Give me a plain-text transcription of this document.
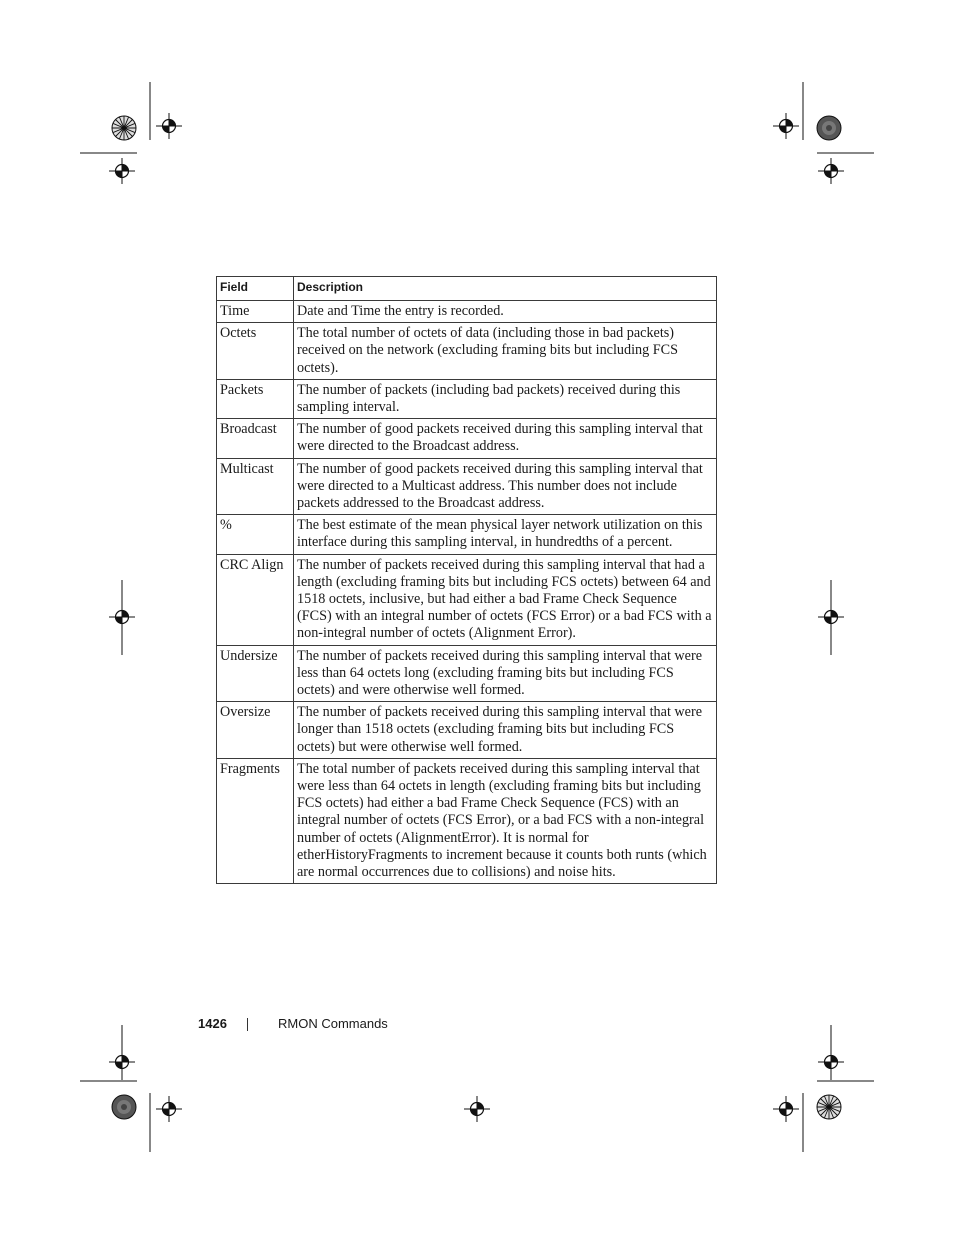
Field	Description
Time	Date and Time the entry is recorded.
Octets	The total number of octets of data (including those in bad packets) received on the network (excluding framing bits but including FCS octets).
Packets	The number of packets (including bad packets) received during this sampling interval.
Broadcast	The number of good packets received during this sampling interval that were directed to the Broadcast address.
Multicast	The number of good packets received during this sampling interval that were directed to a Multicast address. This number does not include packets addressed to the Broadcast address.
%	The best estimate of the mean physical layer network utilization on this interface during this sampling interval, in hundredths of a percent.
CRC Align	The number of packets received during this sampling interval that had a length (excluding framing bits but including FCS octets) between 64 and 1518 octets, inclusive, but had either a bad Frame Check Sequence (FCS) with an integral number of octets (FCS Error) or a bad FCS with a non-integral number of octets (Alignment Error).
Undersize	The number of packets received during this sampling interval that were less than 64 octets long (excluding framing bits but including FCS octets) and were otherwise well formed.
Oversize	The number of packets received during this sampling interval that were longer than 1518 octets (excluding framing bits but including FCS octets) but were otherwise well formed.
Fragments	The total number of packets received during this sampling interval that were less than 64 octets in length (excluding framing bits but including FCS octets) had either a bad Frame Check Sequence (FCS) with an integral number of octets (FCS Error), or a bad FCS with a non-integral number of octets (AlignmentError). It is normal for etherHistoryFragments to increment because it counts both runts (which are normal occurrences due to collisions) and noise hits.
1426	RMON Commands
